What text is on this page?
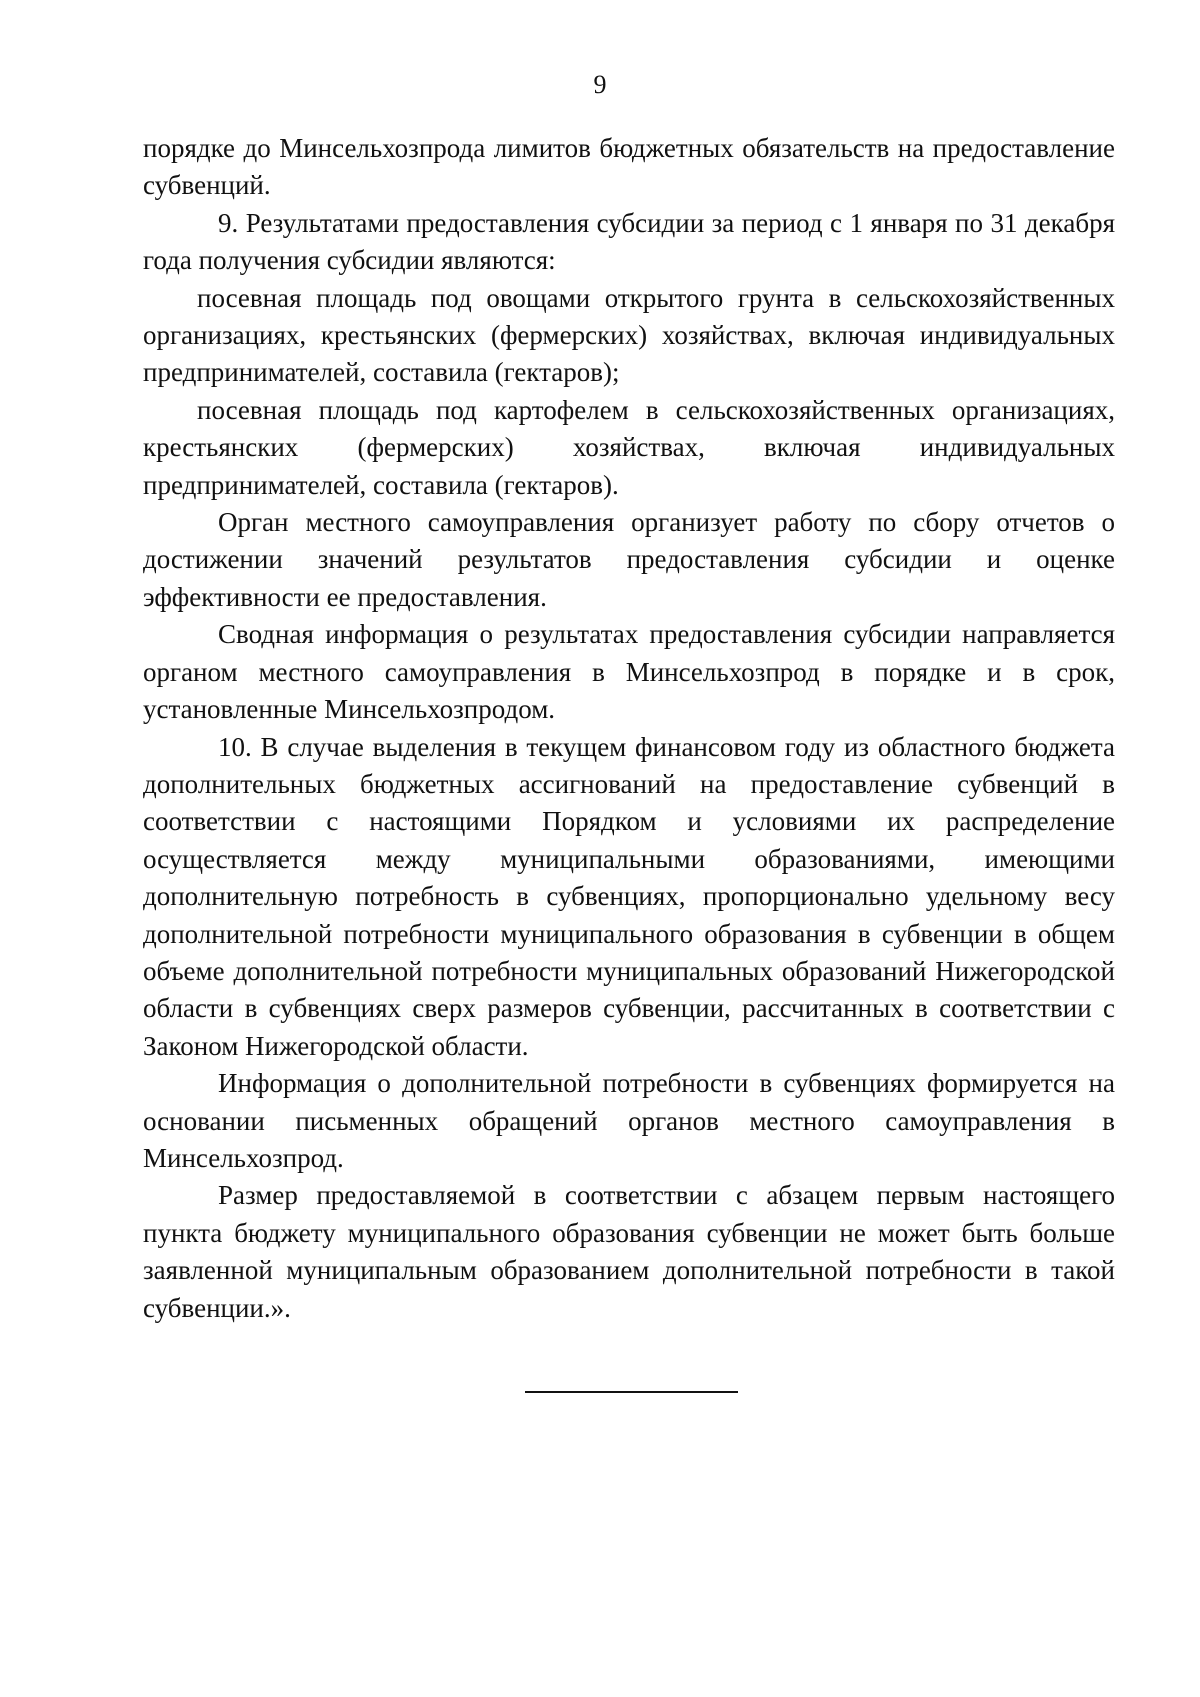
9

порядке до Минсельхозпрода лимитов бюджетных обязательств на предоставление субвенций.

9. Результатами предоставления субсидии за период с 1 января по 31 декабря года получения субсидии являются:

посевная площадь под овощами открытого грунта в сельскохозяйственных организациях, крестьянских (фермерских) хозяйствах, включая индивидуальных предпринимателей, составила (гектаров);

посевная площадь под картофелем в сельскохозяйственных организациях, крестьянских (фермерских) хозяйствах, включая индивидуальных предпринимателей, составила (гектаров).

Орган местного самоуправления организует работу по сбору отчетов о достижении значений результатов предоставления субсидии и оценке эффективности ее предоставления.

Сводная информация о результатах предоставления субсидии направляется органом местного самоуправления в Минсельхозпрод в порядке и в срок, установленные Минсельхозпродом.

10. В случае выделения в текущем финансовом году из областного бюджета дополнительных бюджетных ассигнований на предоставление субвенций в соответствии с настоящими Порядком и условиями их распределение осуществляется между муниципальными образованиями, имеющими дополнительную потребность в субвенциях, пропорционально удельному весу дополнительной потребности муниципального образования в субвенции в общем объеме дополнительной потребности муниципальных образований Нижегородской области в субвенциях сверх размеров субвенции, рассчитанных в соответствии с Законом Нижегородской области.

Информация о дополнительной потребности в субвенциях формируется на основании письменных обращений органов местного самоуправления в Минсельхозпрод.

Размер предоставляемой в соответствии с абзацем первым настоящего пункта бюджету муниципального образования субвенции не может быть больше заявленной муниципальным образованием дополнительной потребности в такой субвенции.».
